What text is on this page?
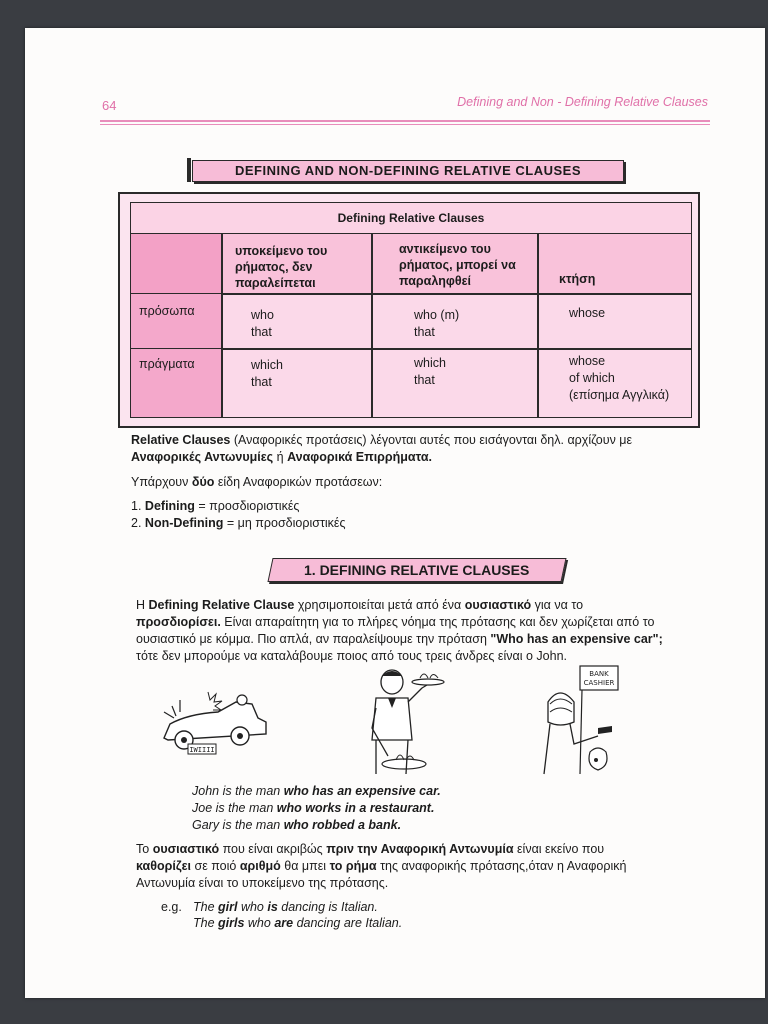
64	Defining and Non - Defining Relative Clauses
DEFINING AND NON-DEFINING RELATIVE CLAUSES
Defining Relative Clauses
υποκείμενο του ρήματος, δεν παραλείπεται
αντικείμενο του ρήματος, μπορεί να παραληφθεί	κτήση
πρόσωπα
πράγματα
who
that
who (m)
that
whose
which
that
which
that
whose
of which
(επίσημα Αγγλικά)
Relative Clauses (Αναφορικές προτάσεις) λέγονται αυτές που εισάγονται δηλ. αρχίζουν με
Αναφορικές Αντωνυμίες ή Αναφορικά Επιρρήματα.
Υπάρχουν δύο είδη Αναφορικών προτάσεων:
1. Defining = προσδιοριστικές
2. Non-Defining = μη προσδιοριστικές
1. DEFINING RELATIVE CLAUSES
Η Defining Relative Clause χρησιμοποιείται μετά από ένα ουσιαστικό για να το
προσδιορίσει. Είναι απαραίτητη για το πλήρες νόημα της πρότασης και δεν χωρίζεται από το
ουσιαστικό με κόμμα. Πιο απλά, αν παραλείψουμε την πρόταση "Who has an expensive car";
τότε δεν μπορούμε να καταλάβουμε ποιος από τους τρεις άνδρες είναι ο John.
IWIIII
BANK
CASHIER
John is the man who has an expensive car.
Joe is the man who works in a restaurant.
Gary is the man who robbed a bank.
Το ουσιαστικό που είναι ακριβώς πριν την Αναφορική Αντωνυμία είναι εκείνο που
καθορίζει σε ποιό αριθμό θα μπει το ρήμα της αναφορικής πρότασης,όταν η Αναφορική
Αντωνυμία είναι το υποκείμενο της πρότασης.
e.g. The girl who is dancing is Italian.
The girls who are dancing are Italian.
